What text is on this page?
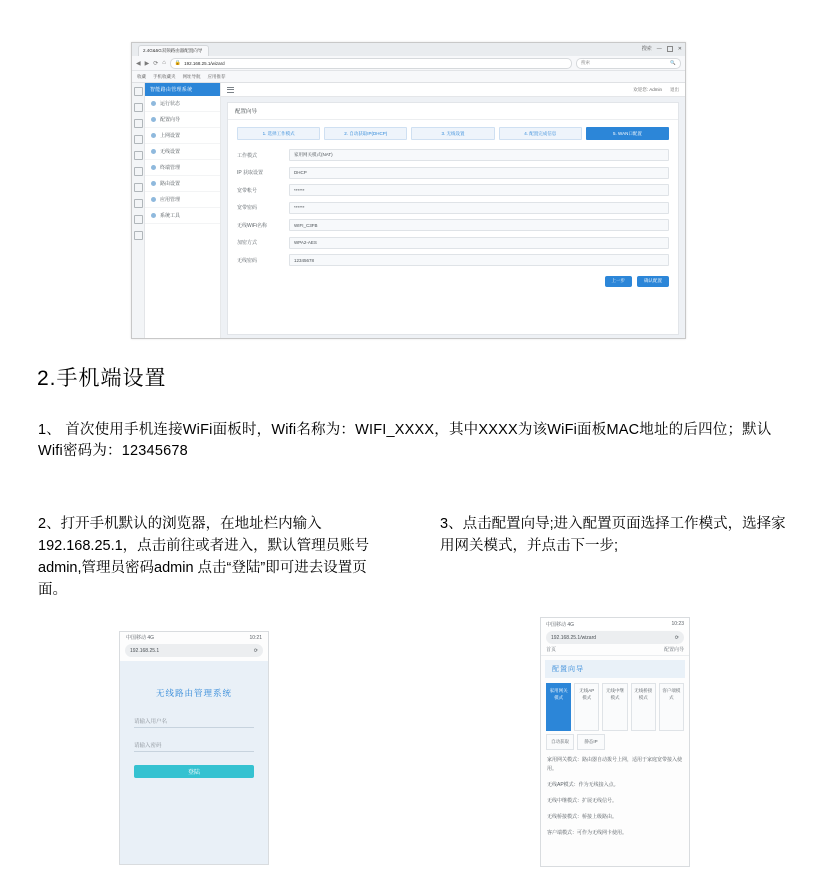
2.4G&5G双频路由器配置向导	搜索 —	✕
◀ ▶ ⟳ ⌂ 🔒 192.168.25.1/wizard	搜索	🔍
收藏 手机收藏夹 网址导航 应用推荐
智能路由管理系统
运行状态
配置向导
上网设置
无线设置
终端管理
路由设置
应用管理
系统工具
欢迎您: Admin 退出
配置向导
1. 选择工作模式	2. 自动获取IP(DHCP)	3. 无线设置	4. 配置完成信息	5. WAN口配置
工作模式	家用网关模式(NAT)
IP 获取设置	DHCP
宽带帐号	******
宽带密码	******
无线WiFi名称	WIFI_C3FB
加密方式	WPA2-AES
无线密码	12345678
上一步	确认配置
2.手机端设置
1、 首次使用手机连接WiFi面板时，Wifi名称为：WIFI_XXXX，其中XXXX为该WiFi面板MAC地址的后四位；默认Wifi密码为：12345678
2、打开手机默认的浏览器，在地址栏内输入192.168.25.1，点击前往或者进入，默认管理员账号admin,管理员密码admin 点击“登陆”即可进去设置页面。
3、点击配置向导;进入配置页面选择工作模式，选择家用网关模式，并点击下一步;
中国移动 4G	10:21
192.168.25.1	⟳
无线路由管理系统
请输入用户名
请输入密码
登陆
中国移动 4G	10:23
192.168.25.1/wizard	⟳
首页	配置向导
配置向导
家用网关模式
无线AP模式
无线中继模式
无线桥接模式
客户端模式
自动获取	静态IP

家用网关模式：路由器自动拨号上网，适用于家庭宽带接入使用。

无线AP模式：作为无线接入点。

无线中继模式：扩展无线信号。

无线桥接模式：桥接上级路由。

客户端模式：可作为无线网卡使用。
